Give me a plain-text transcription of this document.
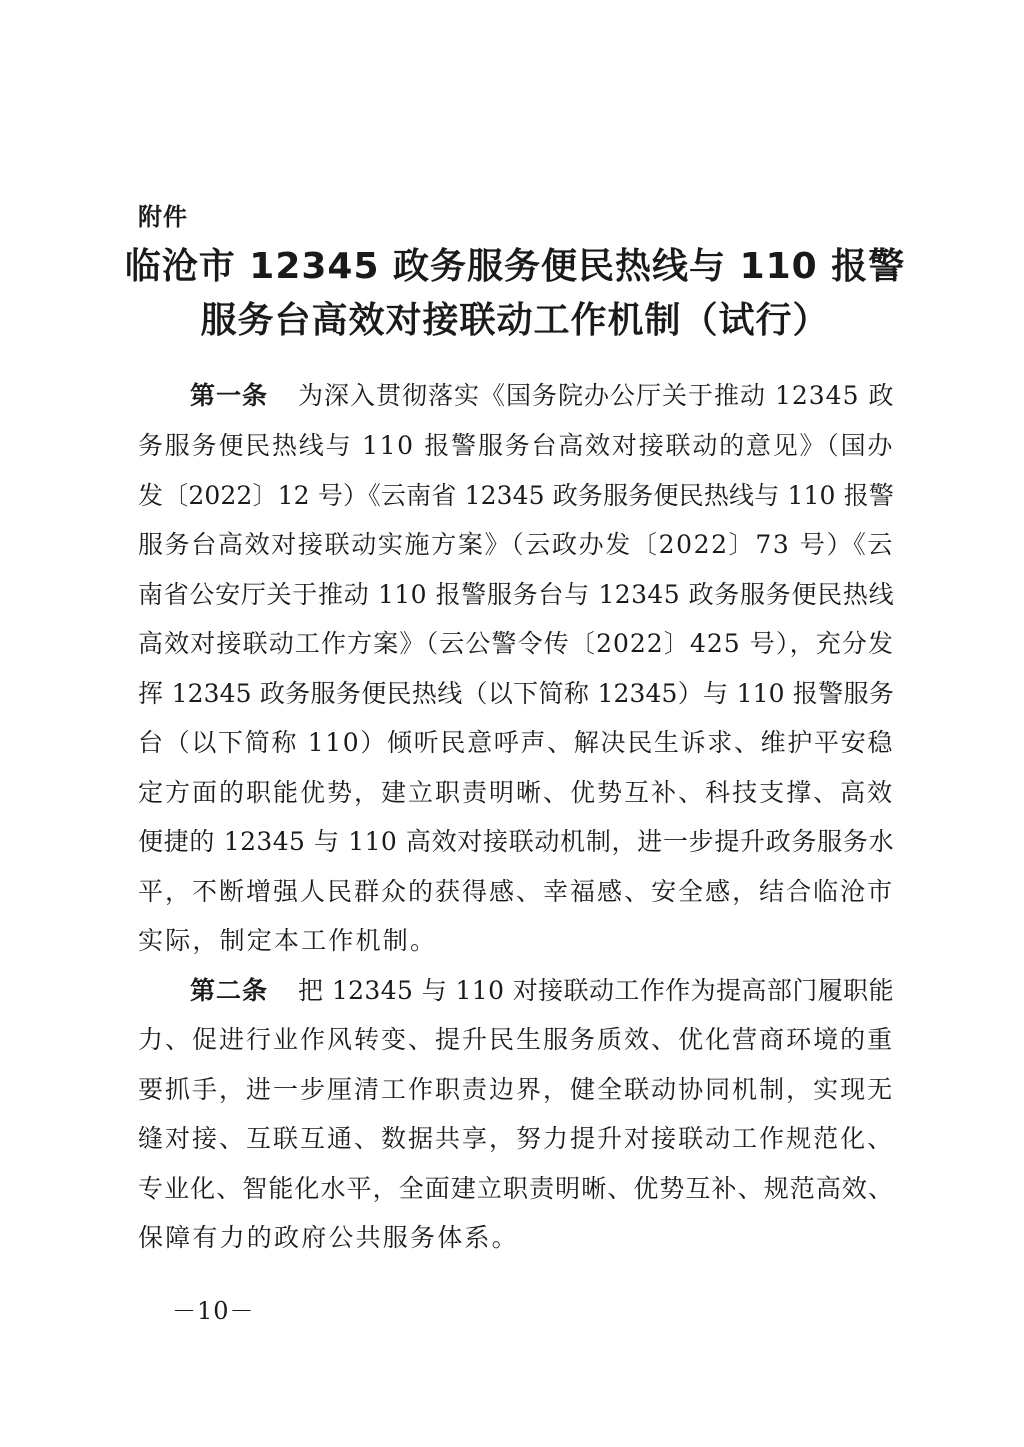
附件
临沧市 12345 政务服务便民热线与 110 报警
服务台高效对接联动工作机制（试行）
第一条 为深入贯彻落实《国务院办公厅关于推动 12345 政
务服务便民热线与 110 报警服务台高效对接联动的意见》（国办
发〔2022〕12 号）《云南省 12345 政务服务便民热线与 110 报警
服务台高效对接联动实施方案》（云政办发〔2022〕73 号）《云
南省公安厅关于推动 110 报警服务台与 12345 政务服务便民热线
高效对接联动工作方案》（云公警令传〔2022〕425 号），充分发
挥 12345 政务服务便民热线（以下简称 12345）与 110 报警服务
台（以下简称 110）倾听民意呼声、解决民生诉求、维护平安稳
定方面的职能优势，建立职责明晰、优势互补、科技支撑、高效
便捷的 12345 与 110 高效对接联动机制，进一步提升政务服务水
平，不断增强人民群众的获得感、幸福感、安全感，结合临沧市
实际，制定本工作机制。
第二条 把 12345 与 110 对接联动工作作为提高部门履职能
力、促进行业作风转变、提升民生服务质效、优化营商环境的重
要抓手，进一步厘清工作职责边界，健全联动协同机制，实现无
缝对接、互联互通、数据共享，努力提升对接联动工作规范化、
专业化、智能化水平，全面建立职责明晰、优势互补、规范高效、
保障有力的政府公共服务体系。
－10－
